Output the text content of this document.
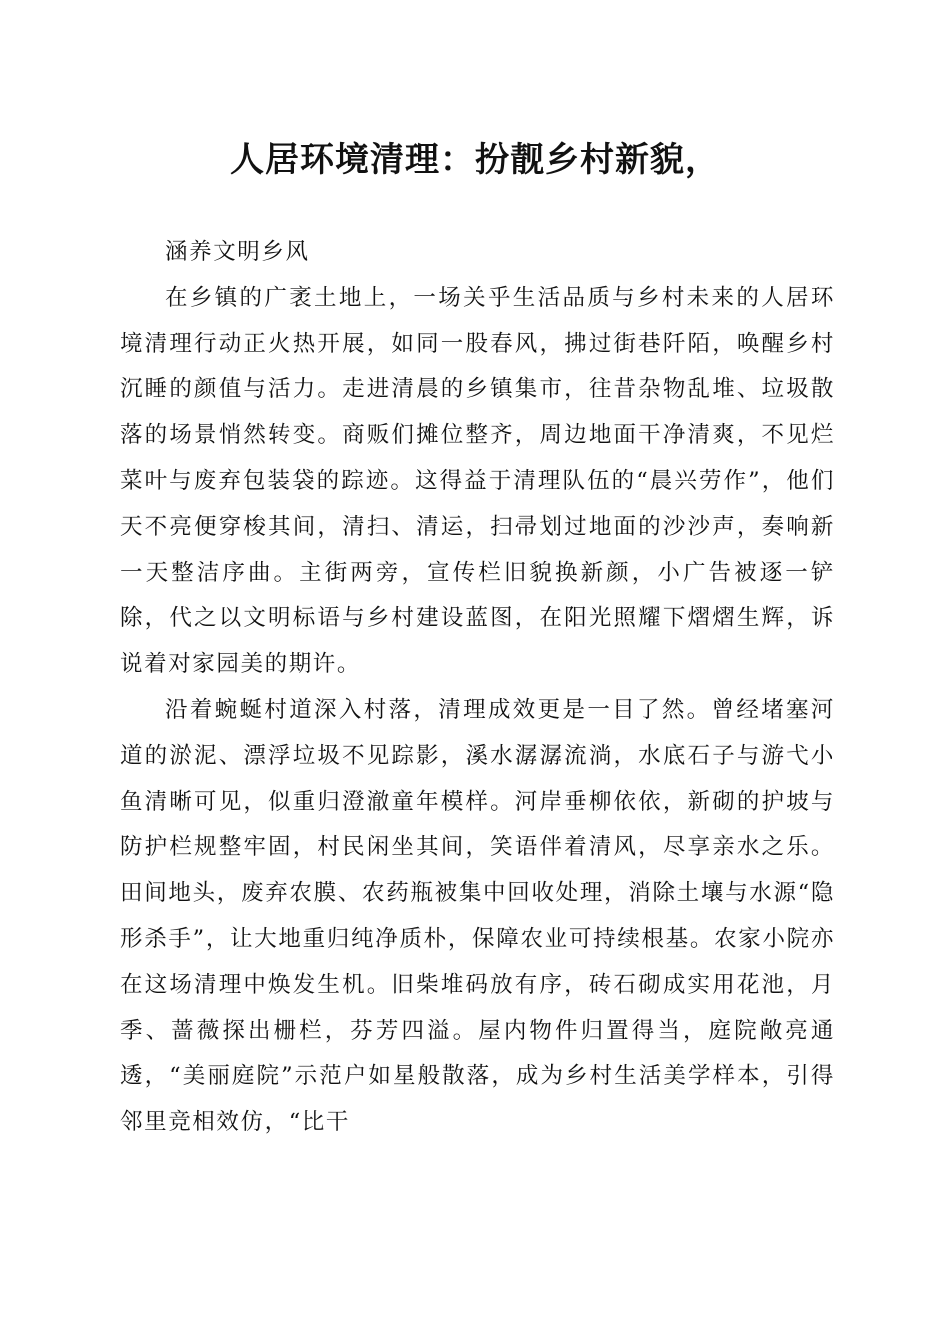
人居环境清理：扮靓乡村新貌，

涵养文明乡风

在乡镇的广袤土地上，一场关乎生活品质与乡村未来的人居环境清理行动正火热开展，如同一股春风，拂过街巷阡陌，唤醒乡村沉睡的颜值与活力。走进清晨的乡镇集市，往昔杂物乱堆、垃圾散落的场景悄然转变。商贩们摊位整齐，周边地面干净清爽，不见烂菜叶与废弃包装袋的踪迹。这得益于清理队伍的“晨兴劳作”，他们天不亮便穿梭其间，清扫、清运，扫帚划过地面的沙沙声，奏响新一天整洁序曲。主街两旁，宣传栏旧貌换新颜，小广告被逐一铲除，代之以文明标语与乡村建设蓝图，在阳光照耀下熠熠生辉，诉说着对家园美的期许。

沿着蜿蜒村道深入村落，清理成效更是一目了然。曾经堵塞河道的淤泥、漂浮垃圾不见踪影，溪水潺潺流淌，水底石子与游弋小鱼清晰可见，似重归澄澈童年模样。河岸垂柳依依，新砌的护坡与防护栏规整牢固，村民闲坐其间，笑语伴着清风，尽享亲水之乐。田间地头，废弃农膜、农药瓶被集中回收处理，消除土壤与水源“隐形杀手”，让大地重归纯净质朴，保障农业可持续根基。农家小院亦在这场清理中焕发生机。旧柴堆码放有序，砖石砌成实用花池，月季、蔷薇探出栅栏，芬芳四溢。屋内物件归置得当，庭院敞亮通透，“美丽庭院”示范户如星般散落，成为乡村生活美学样本，引得邻里竞相效仿，“比干
